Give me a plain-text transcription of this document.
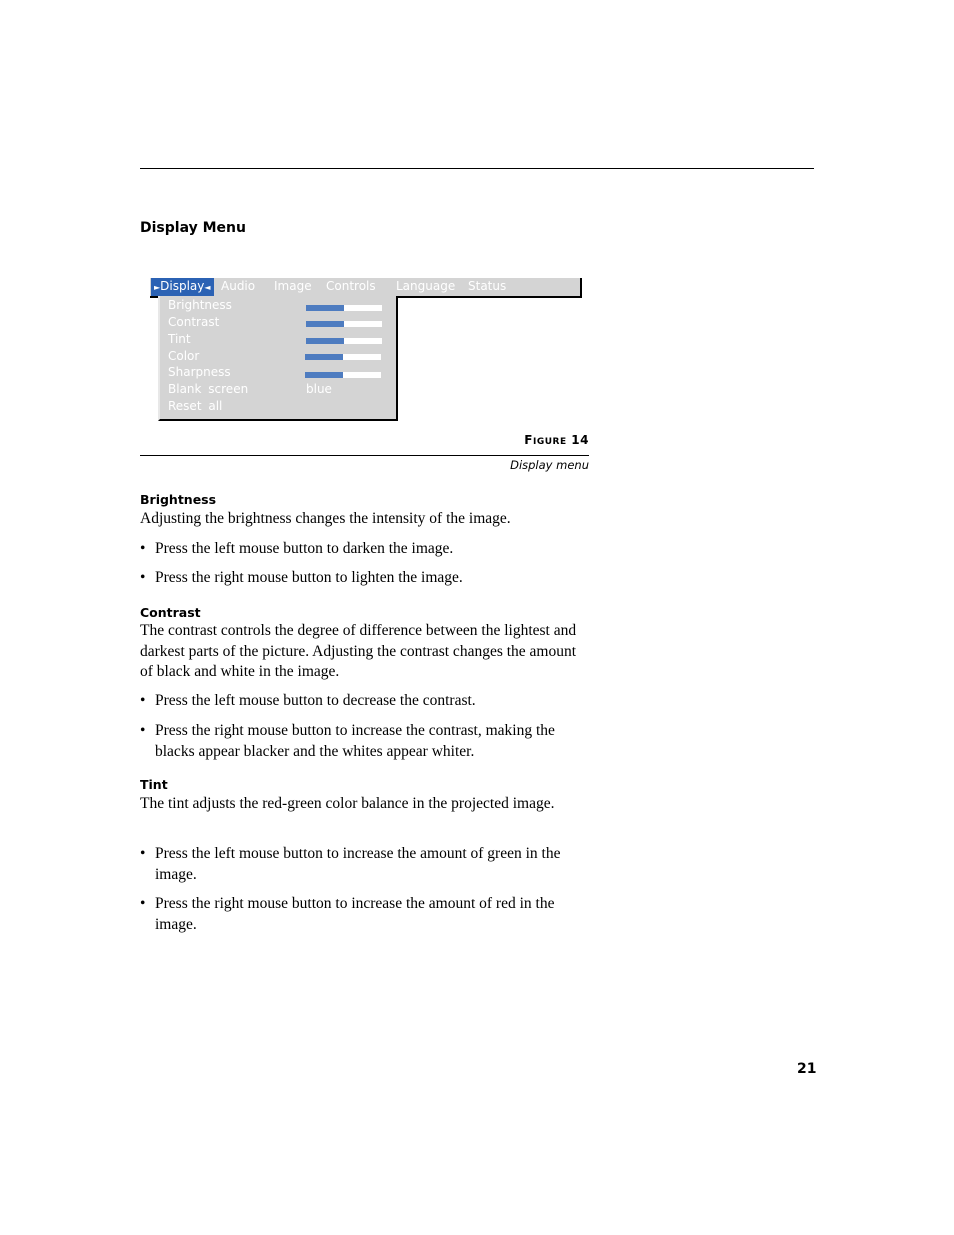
Display Menu
►Display◄ Audio Image Controls Language Status
Brightness
Contrast
Tint
Color
Sharpness
Blank screen	blue
Reset all
FIGURE 14
Display menu
Brightness
Adjusting the brightness changes the intensity of the image.
• Press the left mouse button to darken the image.
• Press the right mouse button to lighten the image.
Contrast
The contrast controls the degree of difference between the lightest and darkest parts of the picture. Adjusting the contrast changes the amount of black and white in the image.
• Press the left mouse button to decrease the contrast.
• Press the right mouse button to increase the contrast, making the blacks appear blacker and the whites appear whiter.
Tint
The tint adjusts the red-green color balance in the projected image.
• Press the left mouse button to increase the amount of green in the image.
• Press the right mouse button to increase the amount of red in the image.
21
